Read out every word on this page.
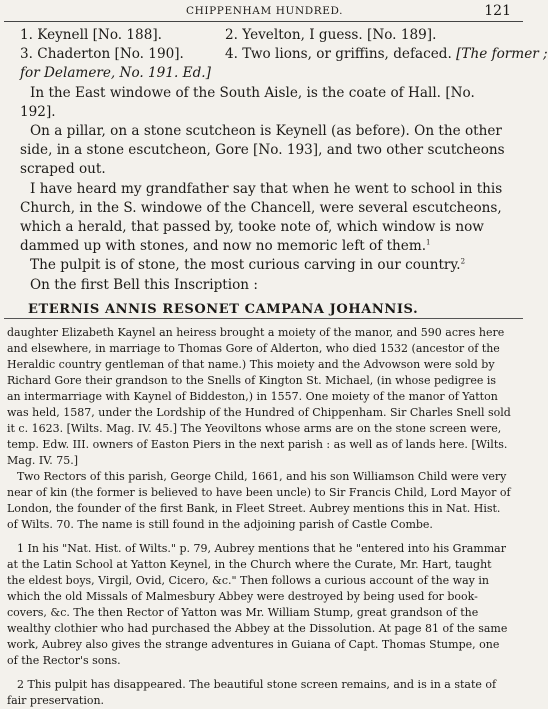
CHIPPENHAM HUNDRED.	121
1. Keynell [No. 188].	2. Yevelton, I guess. [No. 189].
3. Chaderton [No. 190].	4. Two lions, or griffins, defaced. [The former ;
for Delamere, No. 191. Ed.]

In the East windowe of the South Aisle, is the coate of Hall. [No. 192].

On a pillar, on a stone scutcheon is Keynell (as before). On the other side, in a stone escutcheon, Gore [No. 193], and two other scutcheons scraped out.

I have heard my grandfather say that when he went to school in this Church, in the S. windowe of the Chancell, were several escutcheons, which a herald, that passed by, tooke note of, which window is now dammed up with stones, and now no memoric left of them.$^1$

The pulpit is of stone, the most curious carving in our country.$^2$

On the first Bell this Inscription :

ETERNIS ANNIS RESONET CAMPANA JOHANNIS.

daughter Elizabeth Kaynel an heiress brought a moiety of the manor, and 590 acres here and elsewhere, in marriage to Thomas Gore of Alderton, who died 1532 (ancestor of the Heraldic country gentleman of that name.) This moiety and the Advowson were sold by Richard Gore their grandson to the Snells of Kington St. Michael, (in whose pedigree is an intermarriage with Kaynel of Biddeston,) in 1557. One moiety of the manor of Yatton was held, 1587, under the Lordship of the Hundred of Chippenham. Sir Charles Snell sold it c. 1623. [Wilts. Mag. IV. 45.] The Yeoviltons whose arms are on the stone screen were, temp. Edw. III. owners of Easton Piers in the next parish : as well as of lands here. [Wilts. Mag. IV. 75.]

Two Rectors of this parish, George Child, 1661, and his son Williamson Child were very near of kin (the former is believed to have been uncle) to Sir Francis Child, Lord Mayor of London, the founder of the first Bank, in Fleet Street. Aubrey mentions this in Nat. Hist. of Wilts. 70. The name is still found in the adjoining parish of Castle Combe.

1 In his "Nat. Hist. of Wilts." p. 79, Aubrey mentions that he "entered into his Grammar at the Latin School at Yatton Keynel, in the Church where the Curate, Mr. Hart, taught the eldest boys, Virgil, Ovid, Cicero, &c." Then follows a curious account of the way in which the old Missals of Malmesbury Abbey were destroyed by being used for book-covers, &c. The then Rector of Yatton was Mr. William Stump, great grandson of the wealthy clothier who had purchased the Abbey at the Dissolution. At page 81 of the same work, Aubrey also gives the strange adventures in Guiana of Capt. Thomas Stumpe, one of the Rector's sons.

2 This pulpit has disappeared. The beautiful stone screen remains, and is in a state of fair preservation.
